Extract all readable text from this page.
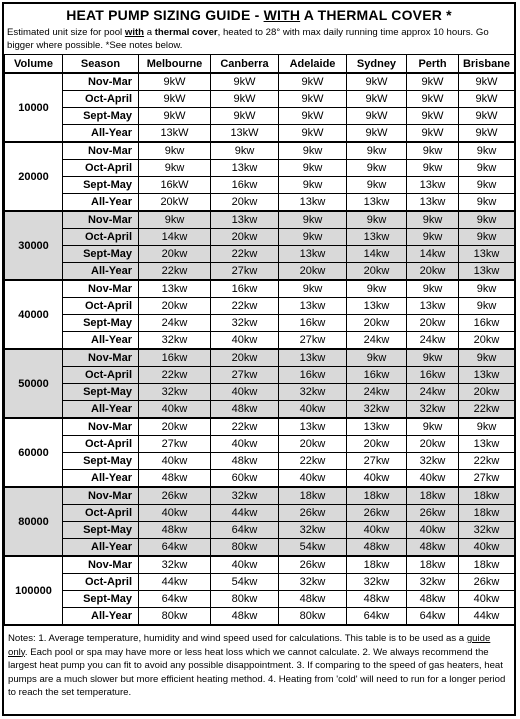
HEAT PUMP SIZING GUIDE - WITH A THERMAL COVER *
Estimated unit size for pool with a thermal cover, heated to 28° with max daily running time approx 10 hours. Go bigger where possible. *See notes below.
Volume	Season	Melbourne	Canberra	Adelaide	Sydney	Perth	Brisbane
10000	Nov-Mar	9kW	9kW	9kW	9kW	9kW	9kW
	Oct-April	9kW	9kW	9kW	9kW	9kW	9kW
	Sept-May	9kW	9kW	9kW	9kW	9kW	9kW
	All-Year	13kW	13kW	9kW	9kW	9kW	9kW
20000	Nov-Mar	9kw	9kw	9kw	9kw	9kw	9kw
	Oct-April	9kw	13kw	9kw	9kw	9kw	9kw
	Sept-May	16kW	16kw	9kw	9kw	13kw	9kw
	All-Year	20kW	20kw	13kw	13kw	13kw	9kw
30000	Nov-Mar	9kw	13kw	9kw	9kw	9kw	9kw
	Oct-April	14kw	20kw	9kw	13kw	9kw	9kw
	Sept-May	20kw	22kw	13kw	14kw	14kw	13kw
	All-Year	22kw	27kw	20kw	20kw	20kw	13kw
40000	Nov-Mar	13kw	16kw	9kw	9kw	9kw	9kw
	Oct-April	20kw	22kw	13kw	13kw	13kw	9kw
	Sept-May	24kw	32kw	16kw	20kw	20kw	16kw
	All-Year	32kw	40kw	27kw	24kw	24kw	20kw
50000	Nov-Mar	16kw	20kw	13kw	9kw	9kw	9kw
	Oct-April	22kw	27kw	16kw	16kw	16kw	13kw
	Sept-May	32kw	40kw	32kw	24kw	24kw	20kw
	All-Year	40kw	48kw	40kw	32kw	32kw	22kw
60000	Nov-Mar	20kw	22kw	13kw	13kw	9kw	9kw
	Oct-April	27kw	40kw	20kw	20kw	20kw	13kw
	Sept-May	40kw	48kw	22kw	27kw	32kw	22kw
	All-Year	48kw	60kw	40kw	40kw	40kw	27kw
80000	Nov-Mar	26kw	32kw	18kw	18kw	18kw	18kw
	Oct-April	40kw	44kw	26kw	26kw	26kw	18kw
	Sept-May	48kw	64kw	32kw	40kw	40kw	32kw
	All-Year	64kw	80kw	54kw	48kw	48kw	40kw
100000	Nov-Mar	32kw	40kw	26kw	18kw	18kw	18kw
	Oct-April	44kw	54kw	32kw	32kw	32kw	26kw
	Sept-May	64kw	80kw	48kw	48kw	48kw	40kw
	All-Year	80kw	48kw	80kw	64kw	64kw	44kw
Notes: 1. Average temperature, humidity and wind speed used for calculations. This table is to be used as a guide only. Each pool or spa may have more or less heat loss which we cannot calculate. 2. We always recommend the largest heat pump you can fit to avoid any possible disappointment. 3. If comparing to the speed of gas heaters, heat pumps are a much slower but more efficient heating method. 4. Heating from 'cold' will need to run for a longer period to reach the set temperature.
